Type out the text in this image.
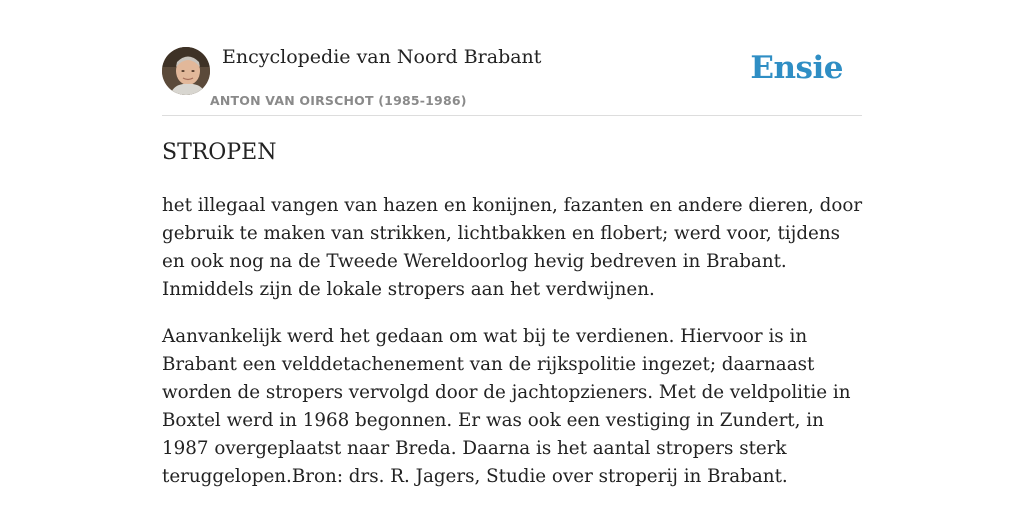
Encyclopedie van Noord Brabant
ANTON VAN OIRSCHOT (1985-1986)
Ensie
STROPEN

het illegaal vangen van hazen en konijnen, fazanten en andere dieren, door gebruik te maken van strikken, lichtbakken en flobert; werd voor, tijdens en ook nog na de Tweede Wereldoorlog hevig bedreven in Brabant. Inmiddels zijn de lokale stropers aan het verdwijnen.

Aanvankelijk werd het gedaan om wat bij te verdienen. Hiervoor is in Brabant een velddetachenement van de rijkspolitie ingezet; daarnaast worden de stropers vervolgd door de jachtopzieners. Met de veldpolitie in Boxtel werd in 1968 begonnen. Er was ook een vestiging in Zundert, in 1987 overgeplaatst naar Breda. Daarna is het aantal stropers sterk teruggelopen.Bron: drs. R. Jagers, Studie over stroperij in Brabant.
